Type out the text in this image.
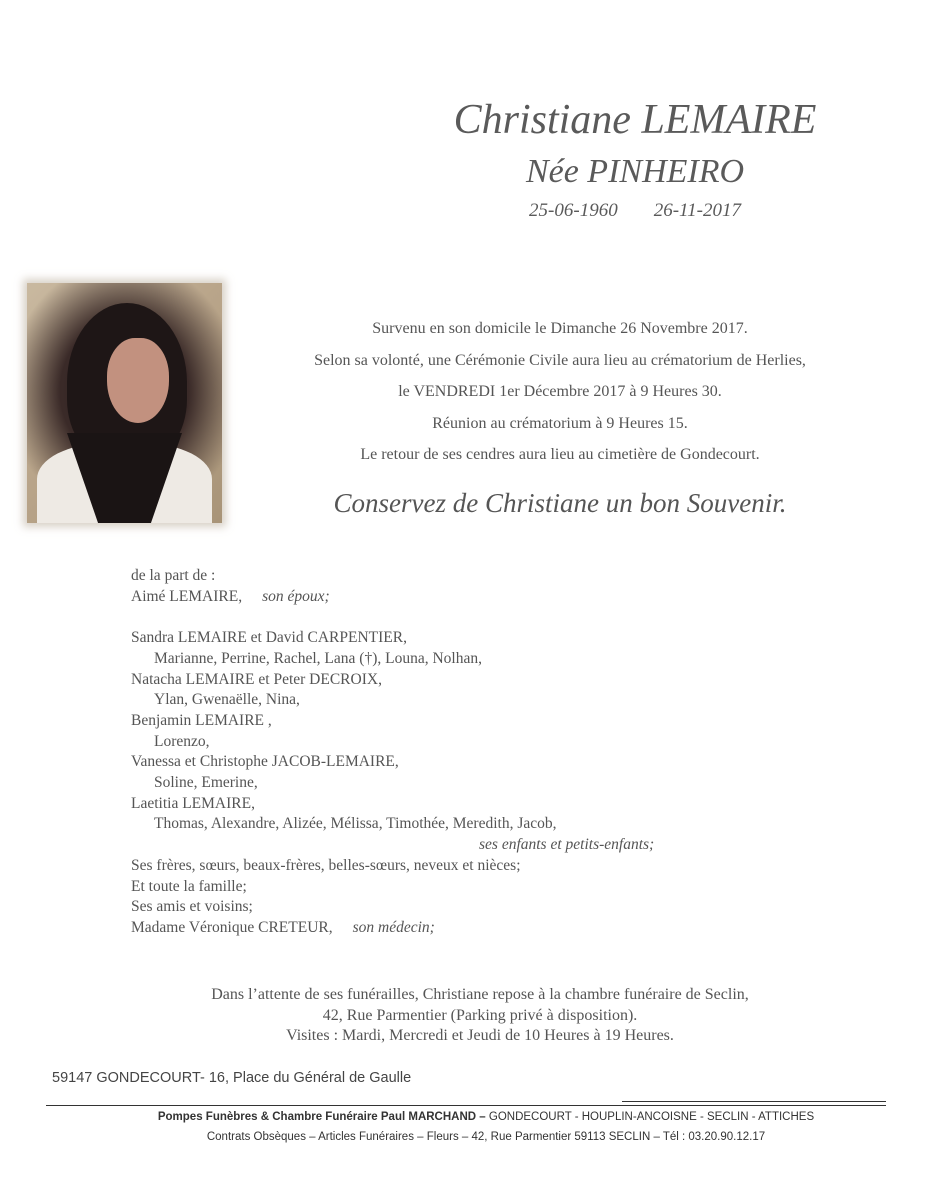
Christiane LEMAIRE
Née PINHEIRO
25-06-1960 26-11-2017
Survenu en son domicile le Dimanche 26 Novembre 2017.
Selon sa volonté, une Cérémonie Civile aura lieu au crématorium de Herlies,
le VENDREDI 1er Décembre 2017 à 9 Heures 30.
Réunion au crématorium à 9 Heures 15.
Le retour de ses cendres aura lieu au cimetière de Gondecourt.
Conservez de Christiane un bon Souvenir.
de la part de :
Aimé LEMAIRE, son époux;
Sandra LEMAIRE et David CARPENTIER,
Marianne, Perrine, Rachel, Lana (†), Louna, Nolhan,
Natacha LEMAIRE et Peter DECROIX,
Ylan, Gwenaëlle, Nina,
Benjamin LEMAIRE ,
Lorenzo,
Vanessa et Christophe JACOB-LEMAIRE,
Soline, Emerine,
Laetitia LEMAIRE,
Thomas, Alexandre, Alizée, Mélissa, Timothée, Meredith, Jacob,
ses enfants et petits-enfants;
Ses frères, sœurs, beaux-frères, belles-sœurs, neveux et nièces;
Et toute la famille;
Ses amis et voisins;
Madame Véronique CRETEUR, son médecin;
Dans l’attente de ses funérailles, Christiane repose à la chambre funéraire de Seclin,
42, Rue Parmentier (Parking privé à disposition).
Visites : Mardi, Mercredi et Jeudi de 10 Heures à 19 Heures.
59147 GONDECOURT- 16, Place du Général de Gaulle
Pompes Funèbres & Chambre Funéraire Paul MARCHAND – GONDECOURT - HOUPLIN-ANCOISNE - SECLIN - ATTICHES
Contrats Obsèques – Articles Funéraires – Fleurs – 42, Rue Parmentier 59113 SECLIN – Tél : 03.20.90.12.17
